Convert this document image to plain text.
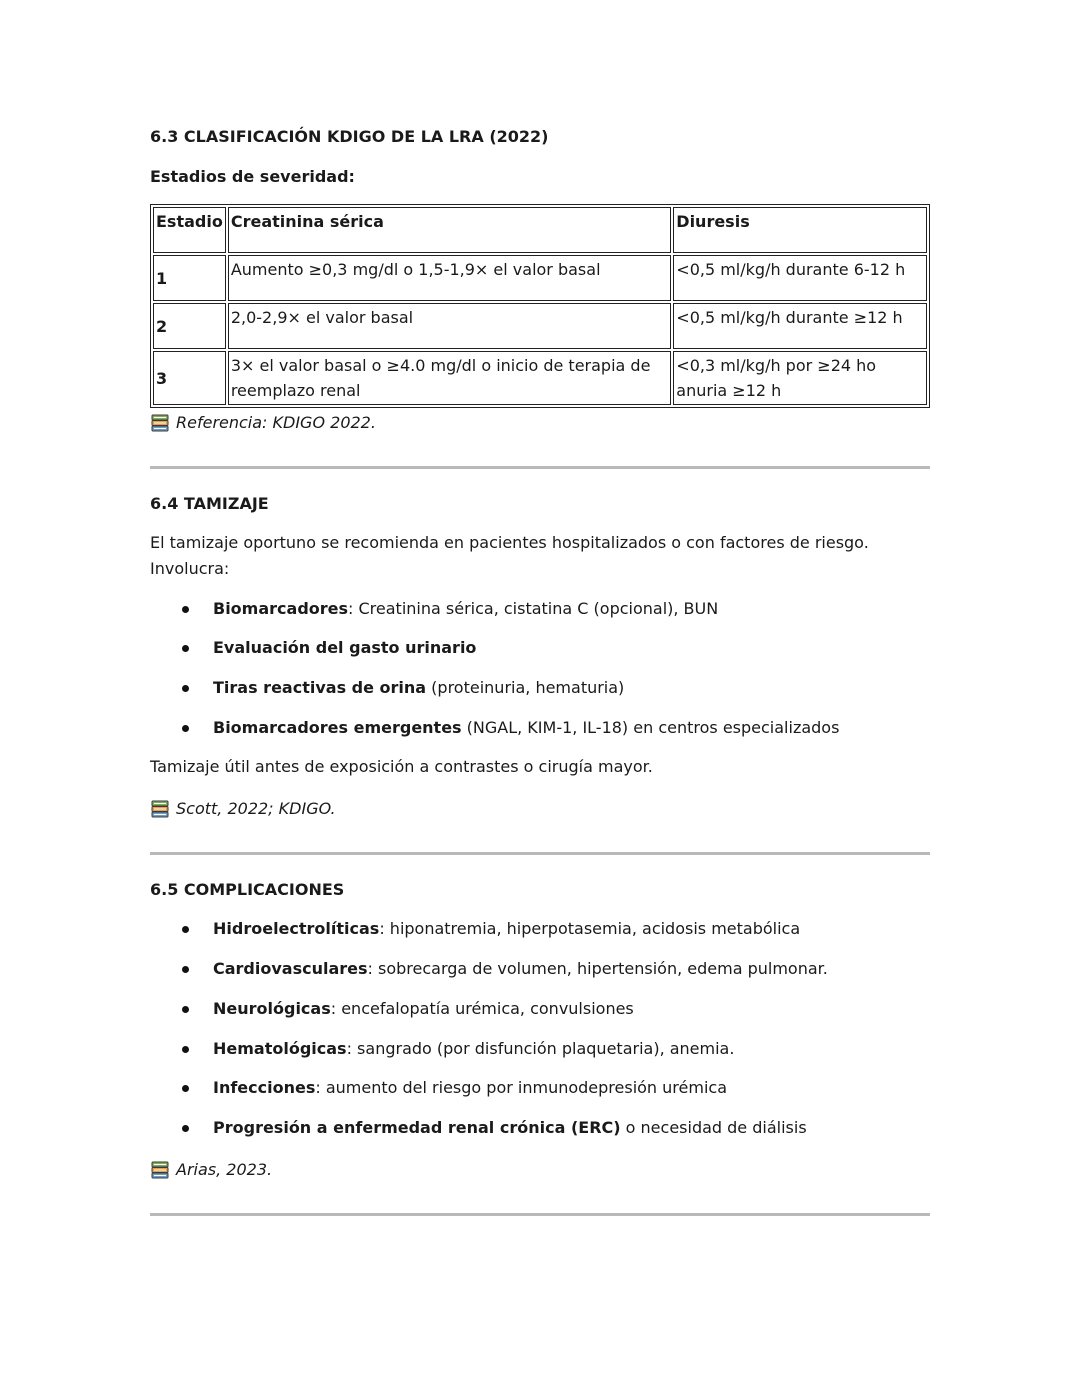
6.3 CLASIFICACIÓN KDIGO DE LA LRA (2022)

Estadios de severidad:

Estadio	Creatinina sérica	Diuresis
1	Aumento ≥0,3 mg/dl o 1,5-1,9× el valor basal	<0,5 ml/kg/h durante 6-12 h
2	2,0-2,9× el valor basal	<0,5 ml/kg/h durante ≥12 h
3	3× el valor basal o ≥4.0 mg/dl o inicio de terapia de reemplazo renal	<0,3 ml/kg/h por ≥24 ho anuria ≥12 h
Referencia: KDIGO 2022.
6.4 TAMIZAJE

El tamizaje oportuno se recomienda en pacientes hospitalizados o con factores de riesgo. Involucra:

Biomarcadores: Creatinina sérica, cistatina C (opcional), BUN
Evaluación del gasto urinario
Tiras reactivas de orina (proteinuria, hematuria)
Biomarcadores emergentes (NGAL, KIM-1, IL-18) en centros especializados

Tamizaje útil antes de exposición a contrastes o cirugía mayor.

Scott, 2022; KDIGO.
6.5 COMPLICACIONES
Hidroelectrolíticas: hiponatremia, hiperpotasemia, acidosis metabólica
Cardiovasculares: sobrecarga de volumen, hipertensión, edema pulmonar.
Neurológicas: encefalopatía urémica, convulsiones
Hematológicas: sangrado (por disfunción plaquetaria), anemia.
Infecciones: aumento del riesgo por inmunodepresión urémica
Progresión a enfermedad renal crónica (ERC) o necesidad de diálisis
Arias, 2023.
